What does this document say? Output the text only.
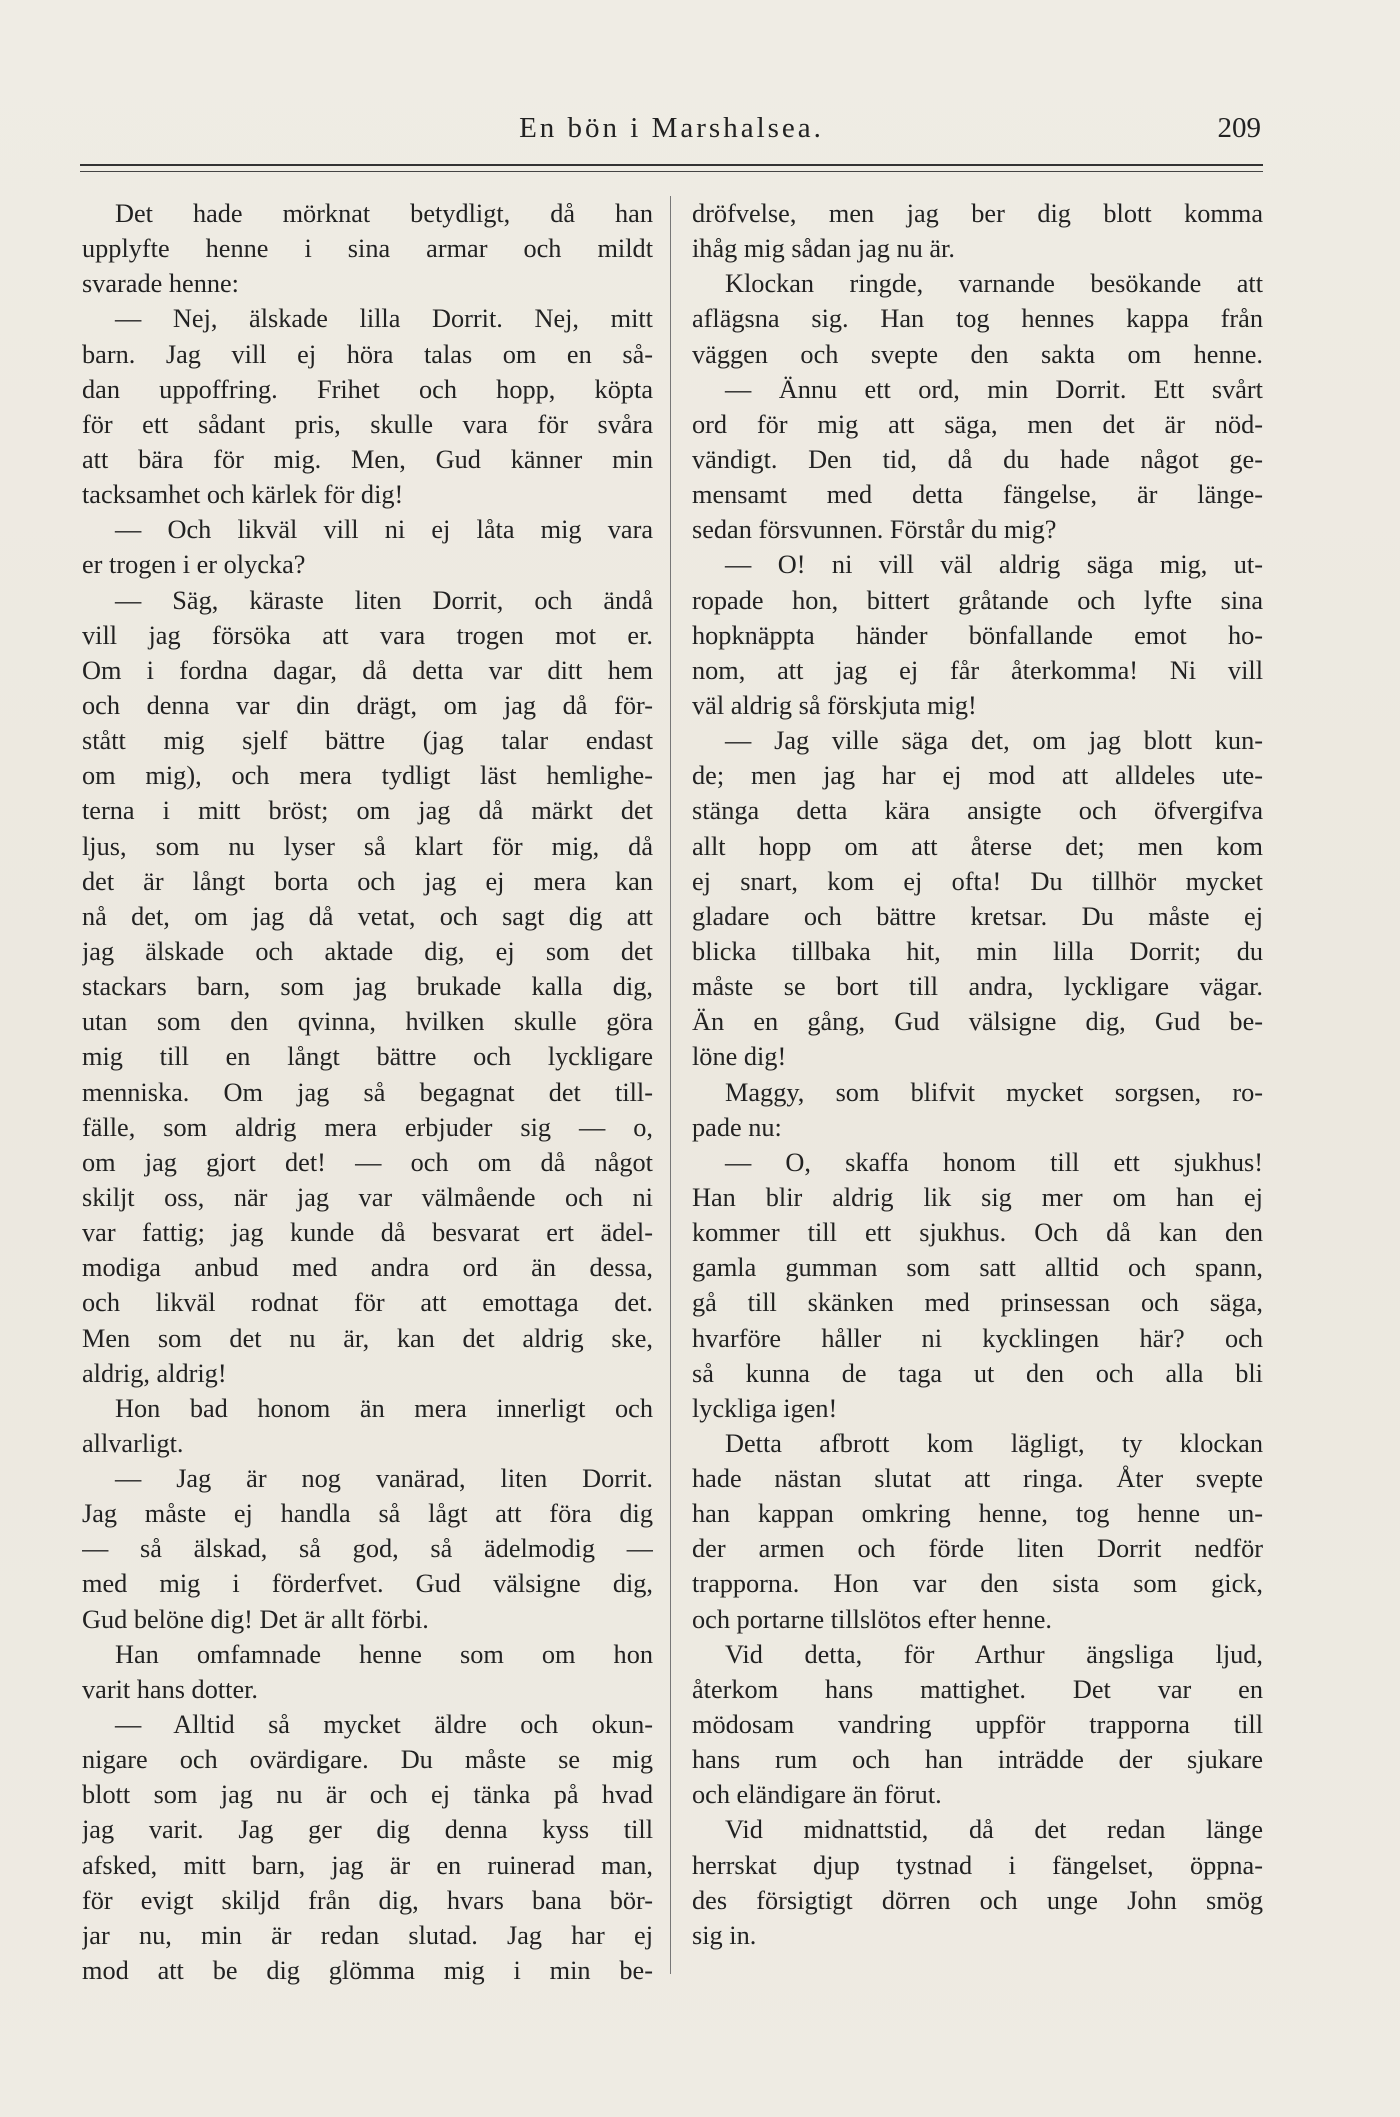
En bön i Marshalsea.	209
Det hade mörknat betydligt, då han
upplyfte henne i sina armar och mildt
svarade henne:
— Nej, älskade lilla Dorrit. Nej, mitt
barn. Jag vill ej höra talas om en så-
dan uppoffring. Frihet och hopp, köpta
för ett sådant pris, skulle vara för svåra
att bära för mig. Men, Gud känner min
tacksamhet och kärlek för dig!
— Och likväl vill ni ej låta mig vara
er trogen i er olycka?
— Säg, käraste liten Dorrit, och ändå
vill jag försöka att vara trogen mot er.
Om i fordna dagar, då detta var ditt hem
och denna var din drägt, om jag då för-
stått mig sjelf bättre (jag talar endast
om mig), och mera tydligt läst hemlighe-
terna i mitt bröst; om jag då märkt det
ljus, som nu lyser så klart för mig, då
det är långt borta och jag ej mera kan
nå det, om jag då vetat, och sagt dig att
jag älskade och aktade dig, ej som det
stackars barn, som jag brukade kalla dig,
utan som den qvinna, hvilken skulle göra
mig till en långt bättre och lyckligare
menniska. Om jag så begagnat det till-
fälle, som aldrig mera erbjuder sig — o,
om jag gjort det! — och om då något
skiljt oss, när jag var välmående och ni
var fattig; jag kunde då besvarat ert ädel-
modiga anbud med andra ord än dessa,
och likväl rodnat för att emottaga det.
Men som det nu är, kan det aldrig ske,
aldrig, aldrig!
Hon bad honom än mera innerligt och
allvarligt.
— Jag är nog vanärad, liten Dorrit.
Jag måste ej handla så lågt att föra dig
— så älskad, så god, så ädelmodig —
med mig i förderfvet. Gud välsigne dig,
Gud belöne dig! Det är allt förbi.
Han omfamnade henne som om hon
varit hans dotter.
— Alltid så mycket äldre och okun-
nigare och ovärdigare. Du måste se mig
blott som jag nu är och ej tänka på hvad
jag varit. Jag ger dig denna kyss till
afsked, mitt barn, jag är en ruinerad man,
för evigt skiljd från dig, hvars bana bör-
jar nu, min är redan slutad. Jag har ej
mod att be dig glömma mig i min be-
dröfvelse, men jag ber dig blott komma
ihåg mig sådan jag nu är.
Klockan ringde, varnande besökande att
aflägsna sig. Han tog hennes kappa från
väggen och svepte den sakta om henne.
— Ännu ett ord, min Dorrit. Ett svårt
ord för mig att säga, men det är nöd-
vändigt. Den tid, då du hade något ge-
mensamt med detta fängelse, är länge-
sedan försvunnen. Förstår du mig?
— O! ni vill väl aldrig säga mig, ut-
ropade hon, bittert gråtande och lyfte sina
hopknäppta händer bönfallande emot ho-
nom, att jag ej får återkomma! Ni vill
väl aldrig så förskjuta mig!
— Jag ville säga det, om jag blott kun-
de; men jag har ej mod att alldeles ute-
stänga detta kära ansigte och öfvergifva
allt hopp om att återse det; men kom
ej snart, kom ej ofta! Du tillhör mycket
gladare och bättre kretsar. Du måste ej
blicka tillbaka hit, min lilla Dorrit; du
måste se bort till andra, lyckligare vägar.
Än en gång, Gud välsigne dig, Gud be-
löne dig!
Maggy, som blifvit mycket sorgsen, ro-
pade nu:
— O, skaffa honom till ett sjukhus!
Han blir aldrig lik sig mer om han ej
kommer till ett sjukhus. Och då kan den
gamla gumman som satt alltid och spann,
gå till skänken med prinsessan och säga,
hvarföre håller ni kycklingen här? och
så kunna de taga ut den och alla bli
lyckliga igen!
Detta afbrott kom lägligt, ty klockan
hade nästan slutat att ringa. Åter svepte
han kappan omkring henne, tog henne un-
der armen och förde liten Dorrit nedför
trapporna. Hon var den sista som gick,
och portarne tillslötos efter henne.
Vid detta, för Arthur ängsliga ljud,
återkom hans mattighet. Det var en
mödosam vandring uppför trapporna till
hans rum och han inträdde der sjukare
och eländigare än förut.
Vid midnattstid, då det redan länge
herrskat djup tystnad i fängelset, öppna-
des försigtigt dörren och unge John smög
sig in.
